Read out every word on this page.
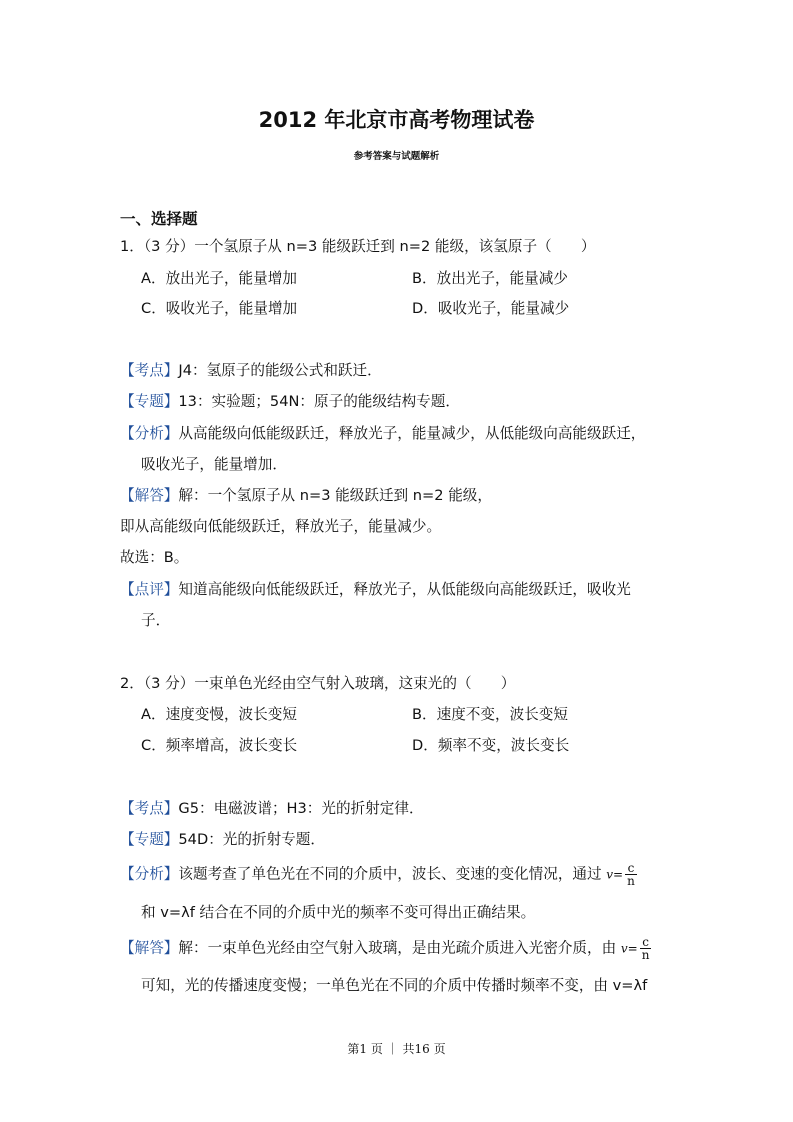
2012 年北京市高考物理试卷
参考答案与试题解析
一、选择题
1．（3 分）一个氢原子从 n=3 能级跃迁到 n=2 能级，该氢原子（　　）
A．放出光子，能量增加	B．放出光子，能量减少
C．吸收光子，能量增加	D．吸收光子，能量减少
【考点】J4：氢原子的能级公式和跃迁．
【专题】13：实验题；54N：原子的能级结构专题．
【分析】从高能级向低能级跃迁，释放光子，能量减少，从低能级向高能级跃迁，
吸收光子，能量增加．
【解答】解：一个氢原子从 n=3 能级跃迁到 n=2 能级，
即从高能级向低能级跃迁，释放光子，能量减少。
故选：B。
【点评】知道高能级向低能级跃迁，释放光子，从低能级向高能级跃迁，吸收光
子．
2．（3 分）一束单色光经由空气射入玻璃，这束光的（　　）
A．速度变慢，波长变短	B．速度不变，波长变短
C．频率增高，波长变长	D．频率不变，波长变长
【考点】G5：电磁波谱；H3：光的折射定律．
【专题】54D：光的折射专题．
【分析】该题考查了单色光在不同的介质中，波长、变速的变化情况，通过 $v= \frac{c}{n}$
和 v=λf 结合在不同的介质中光的频率不变可得出正确结果。
【解答】解：一束单色光经由空气射入玻璃，是由光疏介质进入光密介质，由 $v= \frac{c}{n}$
可知，光的传播速度变慢；一单色光在不同的介质中传播时频率不变，由 v=λf
第1 页 ｜ 共16 页
